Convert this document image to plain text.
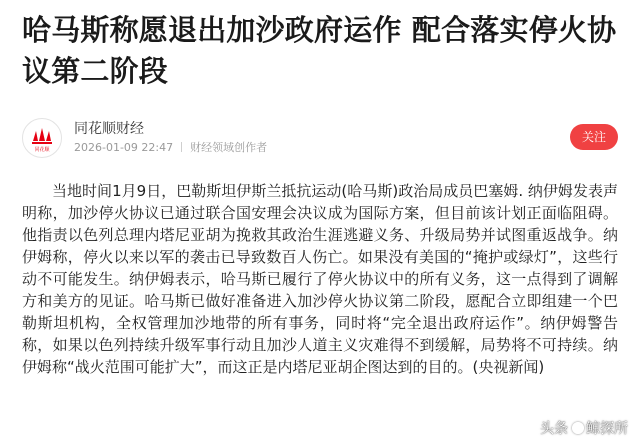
哈马斯称愿退出加沙政府运作 配合落实停火协议第二阶段
同花顺
同花顺财经
2026-01-09 22:47 财经领域创作者
关注

当地时间1月9日，巴勒斯坦伊斯兰抵抗运动(哈马斯)政治局成员巴塞姆. 纳伊姆发表声明称，加沙停火协议已通过联合国安理会决议成为国际方案，但目前该计划正面临阻碍。他指责以色列总理内塔尼亚胡为挽救其政治生涯逃避义务、升级局势并试图重返战争。纳伊姆称，停火以来以军的袭击已导致数百人伤亡。如果没有美国的“掩护或绿灯”，这些行动不可能发生。纳伊姆表示，哈马斯已履行了停火协议中的所有义务，这一点得到了调解方和美方的见证。哈马斯已做好准备进入加沙停火协议第二阶段，愿配合立即组建一个巴勒斯坦机构，全权管理加沙地带的所有事务，同时将“完全退出政府运作”。纳伊姆警告称，如果以色列持续升级军事行动且加沙人道主义灾难得不到缓解，局势将不可持续。纳伊姆称“战火范围可能扩大”，而这正是内塔尼亚胡企图达到的目的。(央视新闻)

头条 鲸探所
